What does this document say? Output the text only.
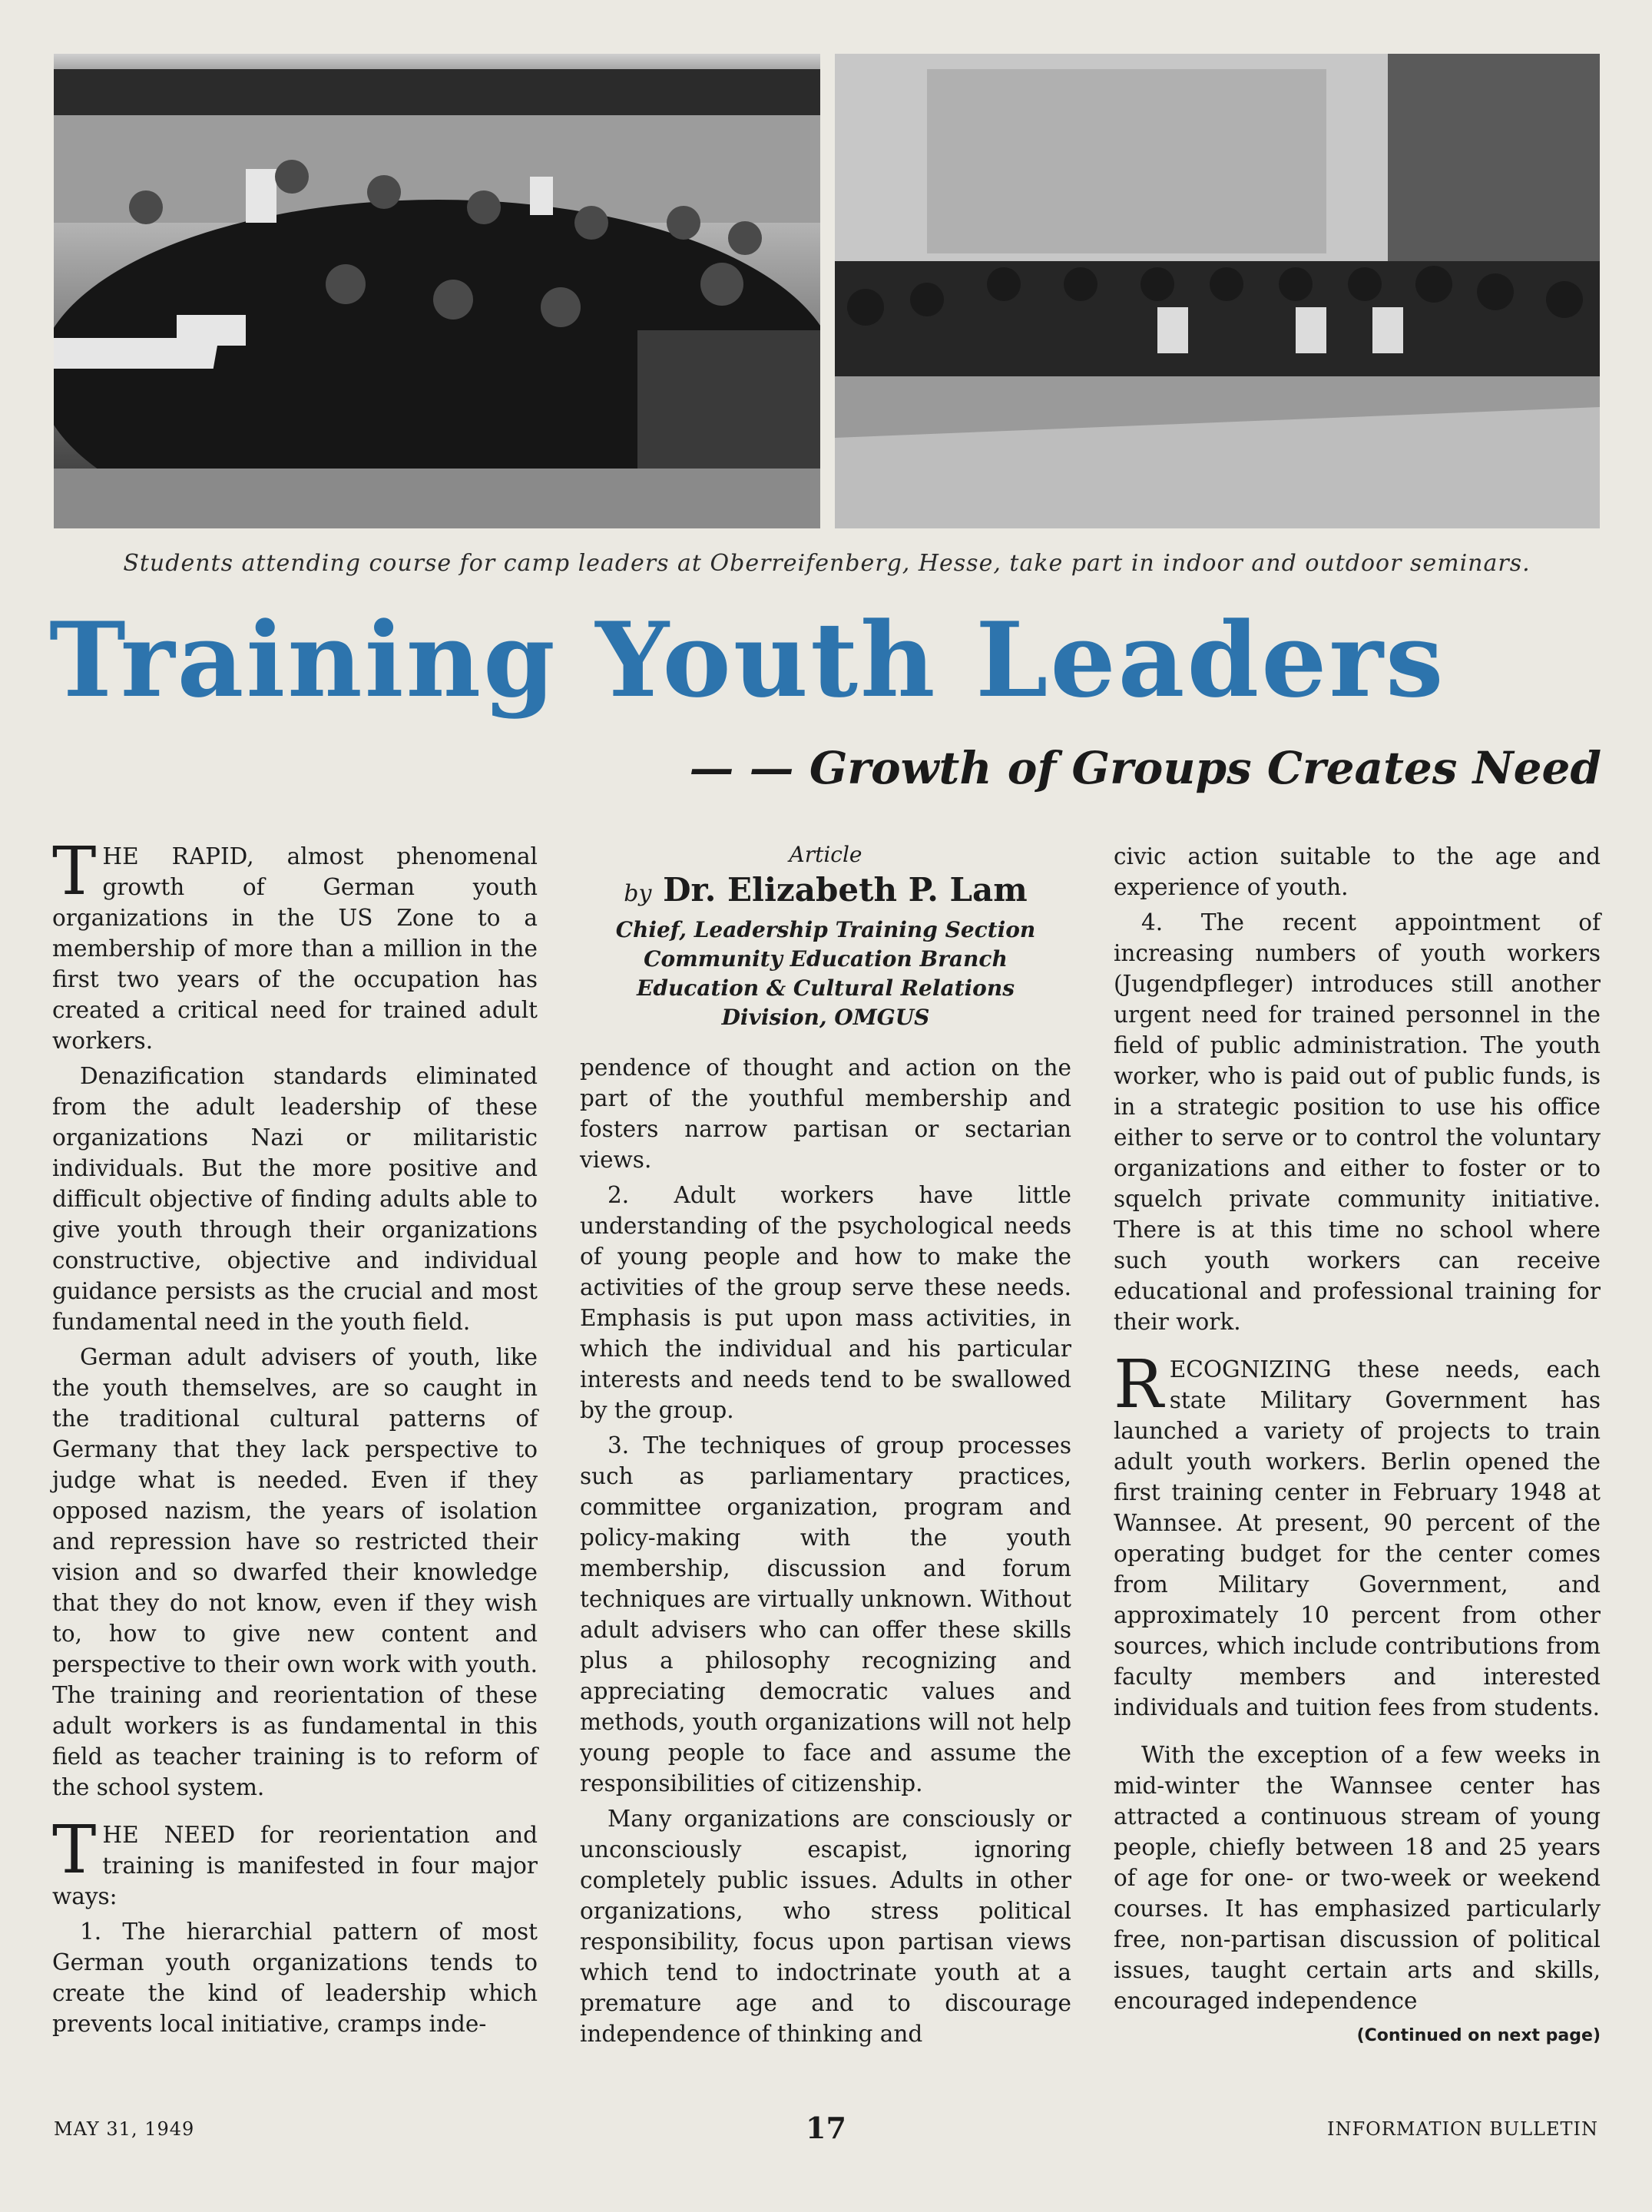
Students attending course for camp leaders at Oberreifenberg, Hesse, take part in indoor and outdoor seminars.
Training Youth Leaders
— — Growth of Groups Creates Need

THE RAPID, almost phenomenal growth of German youth organizations in the US Zone to a membership of more than a million in the first two years of the occupation has created a critical need for trained adult workers.

Denazification standards eliminated from the adult leadership of these organizations Nazi or militaristic individuals. But the more positive and difficult objective of finding adults able to give youth through their organizations constructive, objective and individual guidance persists as the crucial and most fundamental need in the youth field.

German adult advisers of youth, like the youth themselves, are so caught in the traditional cultural patterns of Germany that they lack perspective to judge what is needed. Even if they opposed nazism, the years of isolation and repression have so restricted their vision and so dwarfed their knowledge that they do not know, even if they wish to, how to give new content and perspective to their own work with youth. The training and reorientation of these adult workers is as fundamental in this field as teacher training is to reform of the school system.

THE NEED for reorientation and training is manifested in four major ways:

1. The hierarchial pattern of most German youth organizations tends to create the kind of leadership which prevents local initiative, cramps inde-

Article
by Dr. Elizabeth P. Lam
Chief, Leadership Training Section
Community Education Branch
Education & Cultural Relations
Division, OMGUS

pendence of thought and action on the part of the youthful membership and fosters narrow partisan or sectarian views.

2. Adult workers have little understanding of the psychological needs of young people and how to make the activities of the group serve these needs. Emphasis is put upon mass activities, in which the individual and his particular interests and needs tend to be swallowed by the group.

3. The techniques of group processes such as parliamentary practices, committee organization, program and policy-making with the youth membership, discussion and forum techniques are virtually unknown. Without adult advisers who can offer these skills plus a philosophy recognizing and appreciating democratic values and methods, youth organizations will not help young people to face and assume the responsibilities of citizenship.

Many organizations are consciously or unconsciously escapist, ignoring completely public issues. Adults in other organizations, who stress political responsibility, focus upon partisan views which tend to indoctrinate youth at a premature age and to discourage independence of thinking and

civic action suitable to the age and experience of youth.

4. The recent appointment of increasing numbers of youth workers (Jugendpfleger) introduces still another urgent need for trained personnel in the field of public administration. The youth worker, who is paid out of public funds, is in a strategic position to use his office either to serve or to control the voluntary organizations and either to foster or to squelch private community initiative. There is at this time no school where such youth workers can receive educational and professional training for their work.

RECOGNIZING these needs, each state Military Government has launched a variety of projects to train adult youth workers. Berlin opened the first training center in February 1948 at Wannsee. At present, 90 percent of the operating budget for the center comes from Military Government, and approximately 10 percent from other sources, which include contributions from faculty members and interested individuals and tuition fees from students.

With the exception of a few weeks in mid-winter the Wannsee center has attracted a continuous stream of young people, chiefly between 18 and 25 years of age for one- or two-week or weekend courses. It has emphasized particularly free, non-partisan discussion of political issues, taught certain arts and skills, encouraged independence

(Continued on next page)
MAY 31, 1949	17	INFORMATION BULLETIN
